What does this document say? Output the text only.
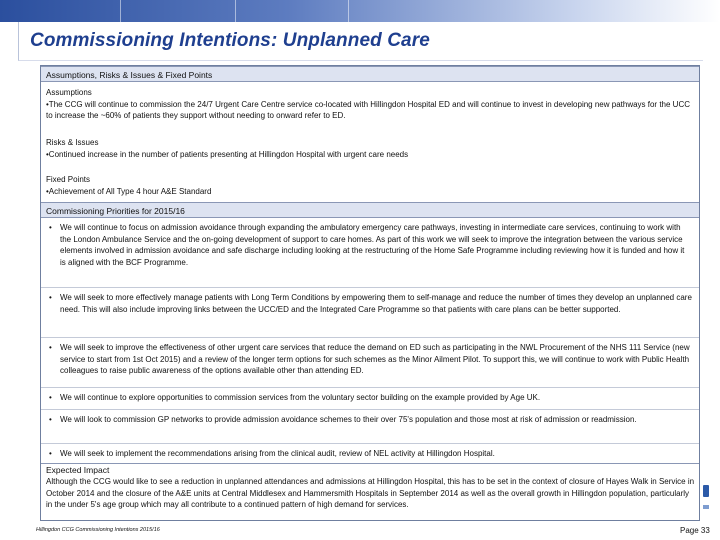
Commissioning Intentions: Unplanned Care
Assumptions, Risks & Issues & Fixed Points
Assumptions
•The CCG will continue to commission the 24/7 Urgent Care Centre service co-located with Hillingdon Hospital ED and will continue to invest in developing new pathways for the UCC to increase the ~60% of patients they support without needing to onward refer to ED.
Risks & Issues
•Continued increase in the number of patients presenting at Hillingdon Hospital with urgent care needs
Fixed Points
•Achievement of All Type 4 hour A&E Standard
Commissioning Priorities for 2015/16
• We will continue to focus on admission avoidance through expanding the ambulatory emergency care pathways, investing in intermediate care services, continuing to work with the London Ambulance Service and the on-going development of support to care homes. As part of this work we will seek to improve the integration between the various service elements involved in admission avoidance and safe discharge including looking at the restructuring of the Home Safe Programme including reviewing how it is funded and how it is aligned with the BCF Programme.
• We will seek to more effectively manage patients with Long Term Conditions by empowering them to self-manage and reduce the number of times they develop an unplanned care need. This will also include improving links between the UCC/ED and the Integrated Care Programme so that patients with care plans can be better supported.
• We will seek to improve the effectiveness of other urgent care services that reduce the demand on ED such as participating in the NWL Procurement of the NHS 111 Service (new service to start from 1st Oct 2015) and a review of the longer term options for such schemes as the Minor Ailment Pilot. To support this, we will continue to work with Public Health colleagues to raise public awareness of the options available other than attending ED.
• We will continue to explore opportunities to commission services from the voluntary sector building on the example provided by Age UK.
• We will look to commission GP networks to provide admission avoidance schemes to their over 75's population and those most at risk of admission or readmission.
• We will seek to implement the recommendations arising from the clinical audit, review of NEL activity at Hillingdon Hospital.
Expected Impact
Although the CCG would like to see a reduction in unplanned attendances and admissions at Hillingdon Hospital, this has to be set in the context of closure of Hayes Walk in Service in October 2014 and the closure of the A&E units at Central Middlesex and Hammersmith Hospitals in September 2014 as well as the overall growth in Hillingdon population, particularly in the under 5's age group which may all contribute to a continued pattern of high demand for services.
Hillingdon CCG Commissioning Intentions 2015/16	Page 33
